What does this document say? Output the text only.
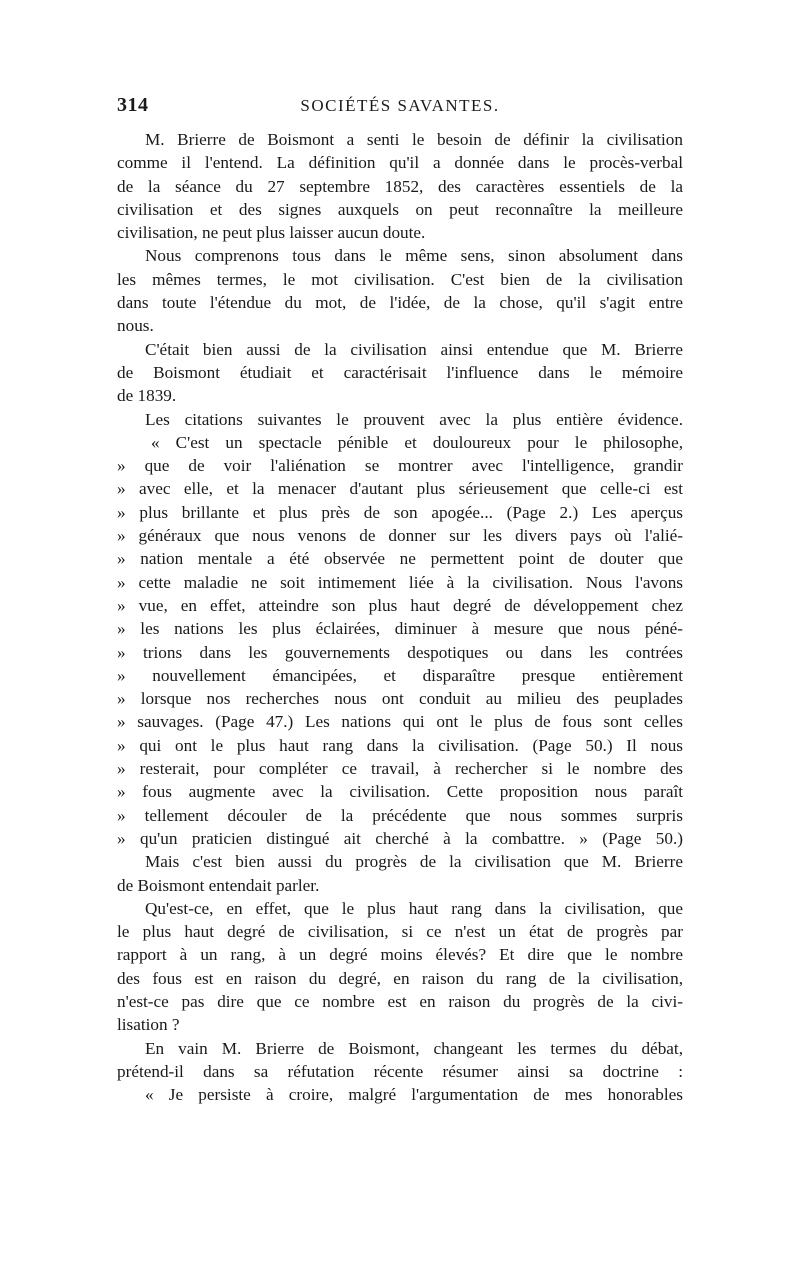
314	SOCIÉTÉS SAVANTES.
M. Brierre de Boismont a senti le besoin de définir la civilisation
comme il l'entend. La définition qu'il a donnée dans le procès-verbal
de la séance du 27 septembre 1852, des caractères essentiels de la
civilisation et des signes auxquels on peut reconnaître la meilleure
civilisation, ne peut plus laisser aucun doute.
Nous comprenons tous dans le même sens, sinon absolument dans
les mêmes termes, le mot civilisation. C'est bien de la civilisation
dans toute l'étendue du mot, de l'idée, de la chose, qu'il s'agit entre
nous.
C'était bien aussi de la civilisation ainsi entendue que M. Brierre
de Boismont étudiait et caractérisait l'influence dans le mémoire
de 1839.
Les citations suivantes le prouvent avec la plus entière évidence.
« C'est un spectacle pénible et douloureux pour le philosophe,
» que de voir l'aliénation se montrer avec l'intelligence, grandir
» avec elle, et la menacer d'autant plus sérieusement que celle-ci est
» plus brillante et plus près de son apogée... (Page 2.) Les aperçus
» généraux que nous venons de donner sur les divers pays où l'alié-
» nation mentale a été observée ne permettent point de douter que
» cette maladie ne soit intimement liée à la civilisation. Nous l'avons
» vue, en effet, atteindre son plus haut degré de développement chez
» les nations les plus éclairées, diminuer à mesure que nous péné-
» trions dans les gouvernements despotiques ou dans les contrées
» nouvellement émancipées, et disparaître presque entièrement
» lorsque nos recherches nous ont conduit au milieu des peuplades
» sauvages. (Page 47.) Les nations qui ont le plus de fous sont celles
» qui ont le plus haut rang dans la civilisation. (Page 50.) Il nous
» resterait, pour compléter ce travail, à rechercher si le nombre des
» fous augmente avec la civilisation. Cette proposition nous paraît
» tellement découler de la précédente que nous sommes surpris
» qu'un praticien distingué ait cherché à la combattre. » (Page 50.)
Mais c'est bien aussi du progrès de la civilisation que M. Brierre
de Boismont entendait parler.
Qu'est-ce, en effet, que le plus haut rang dans la civilisation, que
le plus haut degré de civilisation, si ce n'est un état de progrès par
rapport à un rang, à un degré moins élevés? Et dire que le nombre
des fous est en raison du degré, en raison du rang de la civilisation,
n'est-ce pas dire que ce nombre est en raison du progrès de la civi-
lisation ?
En vain M. Brierre de Boismont, changeant les termes du débat,
prétend-il dans sa réfutation récente résumer ainsi sa doctrine :
« Je persiste à croire, malgré l'argumentation de mes honorables
